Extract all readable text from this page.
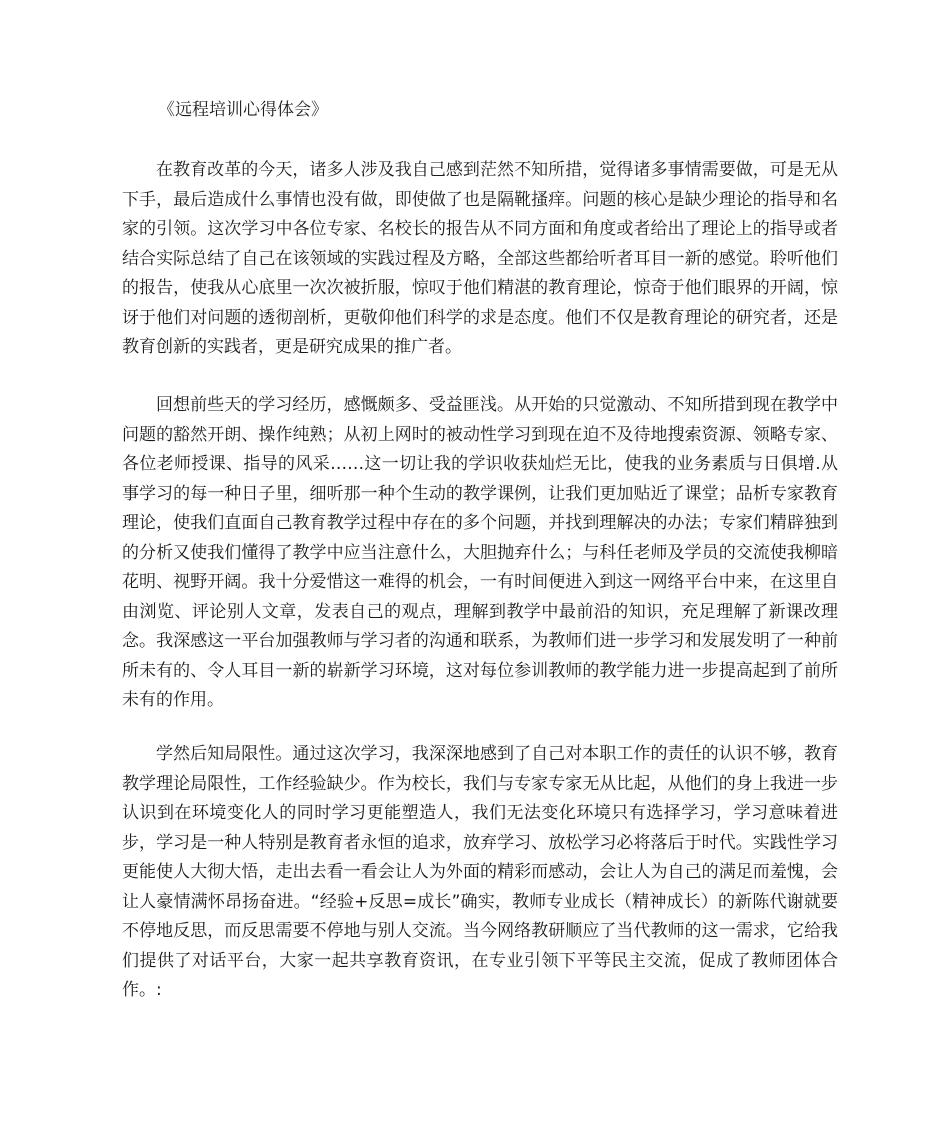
《远程培训心得体会》

在教育改革的今天，诸多人涉及我自己感到茫然不知所措，觉得诸多事情需要做，可是无从下手，最后造成什么事情也没有做，即使做了也是隔靴搔痒。问题的核心是缺少理论的指导和名家的引领。这次学习中各位专家、名校长的报告从不同方面和角度或者给出了理论上的指导或者结合实际总结了自己在该领域的实践过程及方略，全部这些都给听者耳目一新的感觉。聆听他们的报告，使我从心底里一次次被折服，惊叹于他们精湛的教育理论，惊奇于他们眼界的开阔，惊讶于他们对问题的透彻剖析，更敬仰他们科学的求是态度。他们不仅是教育理论的研究者，还是教育创新的实践者，更是研究成果的推广者。

回想前些天的学习经历，感慨颇多、受益匪浅。从开始的只觉激动、不知所措到现在教学中问题的豁然开朗、操作纯熟；从初上网时的被动性学习到现在迫不及待地搜索资源、领略专家、各位老师授课、指导的风采……这一切让我的学识收获灿烂无比，使我的业务素质与日俱增.从事学习的每一种日子里，细听那一种个生动的教学课例，让我们更加贴近了课堂；品析专家教育理论，使我们直面自己教育教学过程中存在的多个问题，并找到理解决的办法；专家们精辟独到的分析又使我们懂得了教学中应当注意什么，大胆抛弃什么；与科任老师及学员的交流使我柳暗花明、视野开阔。我十分爱惜这一难得的机会，一有时间便进入到这一网络平台中来，在这里自由浏览、评论别人文章，发表自己的观点，理解到教学中最前沿的知识，充足理解了新课改理念。我深感这一平台加强教师与学习者的沟通和联系，为教师们进一步学习和发展发明了一种前所未有的、令人耳目一新的崭新学习环境，这对每位参训教师的教学能力进一步提高起到了前所未有的作用。

学然后知局限性。通过这次学习，我深深地感到了自己对本职工作的责任的认识不够，教育教学理论局限性，工作经验缺少。作为校长，我们与专家专家无从比起，从他们的身上我进一步认识到在环境变化人的同时学习更能塑造人，我们无法变化环境只有选择学习，学习意味着进步，学习是一种人特别是教育者永恒的追求，放弃学习、放松学习必将落后于时代。实践性学习更能使人大彻大悟，走出去看一看会让人为外面的精彩而感动，会让人为自己的满足而羞愧，会让人豪情满怀昂扬奋进。“经验+反思=成长”确实，教师专业成长（精神成长）的新陈代谢就要不停地反思，而反思需要不停地与别人交流。当今网络教研顺应了当代教师的这一需求，它给我们提供了对话平台，大家一起共享教育资讯，在专业引领下平等民主交流，促成了教师团体合作。:
